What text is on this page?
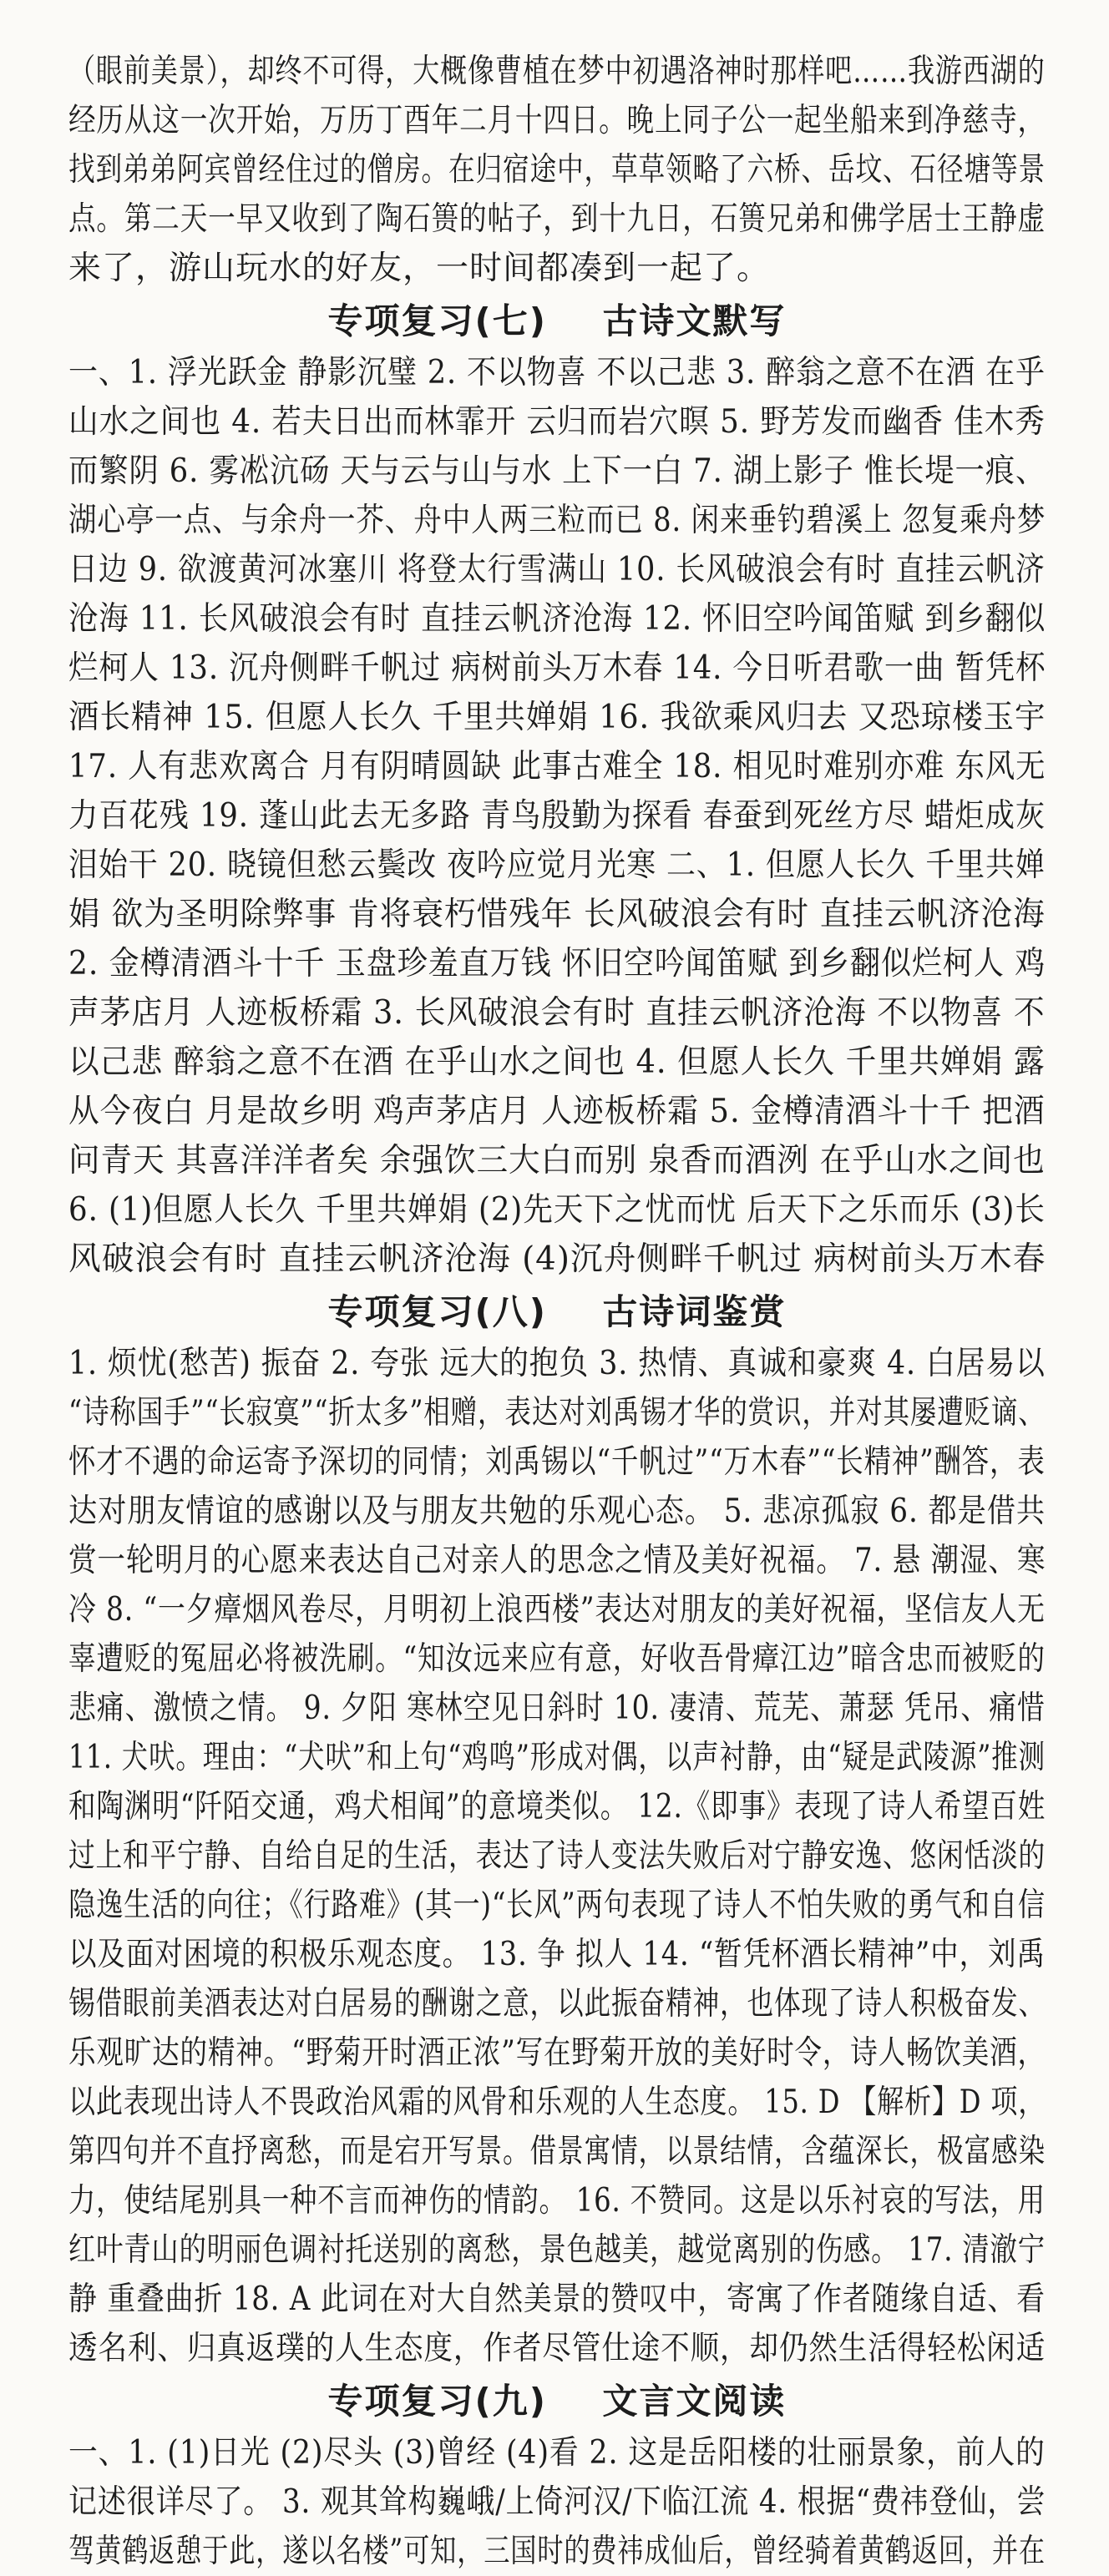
（眼前美景），却终不可得，大概像曹植在梦中初遇洛神时那样吧……我游西湖的
经历从这一次开始，万历丁酉年二月十四日。晚上同子公一起坐船来到净慈寺，
找到弟弟阿宾曾经住过的僧房。在归宿途中，草草领略了六桥、岳坟、石径塘等景
点。第二天一早又收到了陶石篑的帖子，到十九日，石篑兄弟和佛学居士王静虚
来了，游山玩水的好友，一时间都凑到一起了。
专项复习(七)    古诗文默写
一、1. 浮光跃金 静影沉璧 2. 不以物喜 不以己悲 3. 醉翁之意不在酒 在乎
山水之间也 4. 若夫日出而林霏开 云归而岩穴暝 5. 野芳发而幽香 佳木秀
而繁阴 6. 雾凇沆砀 天与云与山与水 上下一白 7. 湖上影子 惟长堤一痕、
湖心亭一点、与余舟一芥、舟中人两三粒而已 8. 闲来垂钓碧溪上 忽复乘舟梦
日边 9. 欲渡黄河冰塞川 将登太行雪满山 10. 长风破浪会有时 直挂云帆济
沧海 11. 长风破浪会有时 直挂云帆济沧海 12. 怀旧空吟闻笛赋 到乡翻似
烂柯人 13. 沉舟侧畔千帆过 病树前头万木春 14. 今日听君歌一曲 暂凭杯
酒长精神 15. 但愿人长久 千里共婵娟 16. 我欲乘风归去 又恐琼楼玉宇
17. 人有悲欢离合 月有阴晴圆缺 此事古难全 18. 相见时难别亦难 东风无
力百花残 19. 蓬山此去无多路 青鸟殷勤为探看 春蚕到死丝方尽 蜡炬成灰
泪始干 20. 晓镜但愁云鬓改 夜吟应觉月光寒 二、1. 但愿人长久 千里共婵
娟 欲为圣明除弊事 肯将衰朽惜残年 长风破浪会有时 直挂云帆济沧海
2. 金樽清酒斗十千 玉盘珍羞直万钱 怀旧空吟闻笛赋 到乡翻似烂柯人 鸡
声茅店月 人迹板桥霜 3. 长风破浪会有时 直挂云帆济沧海 不以物喜 不
以己悲 醉翁之意不在酒 在乎山水之间也 4. 但愿人长久 千里共婵娟 露
从今夜白 月是故乡明 鸡声茅店月 人迹板桥霜 5. 金樽清酒斗十千 把酒
问青天 其喜洋洋者矣 余强饮三大白而别 泉香而酒洌 在乎山水之间也
6. (1)但愿人长久 千里共婵娟 (2)先天下之忧而忧 后天下之乐而乐 (3)长
风破浪会有时 直挂云帆济沧海 (4)沉舟侧畔千帆过 病树前头万木春
专项复习(八)    古诗词鉴赏
1. 烦忧(愁苦) 振奋 2. 夸张 远大的抱负 3. 热情、真诚和豪爽 4. 白居易以
“诗称国手”“长寂寞”“折太多”相赠，表达对刘禹锡才华的赏识，并对其屡遭贬谪、
怀才不遇的命运寄予深切的同情；刘禹锡以“千帆过”“万木春”“长精神”酬答，表
达对朋友情谊的感谢以及与朋友共勉的乐观心态。 5. 悲凉孤寂 6. 都是借共
赏一轮明月的心愿来表达自己对亲人的思念之情及美好祝福。 7. 悬 潮湿、寒
冷 8. “一夕瘴烟风卷尽，月明初上浪西楼”表达对朋友的美好祝福，坚信友人无
辜遭贬的冤屈必将被洗刷。“知汝远来应有意，好收吾骨瘴江边”暗含忠而被贬的
悲痛、激愤之情。 9. 夕阳 寒林空见日斜时 10. 凄清、荒芜、萧瑟 凭吊、痛惜
11. 犬吠。理由：“犬吠”和上句“鸡鸣”形成对偶，以声衬静，由“疑是武陵源”推测
和陶渊明“阡陌交通，鸡犬相闻”的意境类似。 12.《即事》表现了诗人希望百姓
过上和平宁静、自给自足的生活，表达了诗人变法失败后对宁静安逸、悠闲恬淡的
隐逸生活的向往；《行路难》(其一)“长风”两句表现了诗人不怕失败的勇气和自信
以及面对困境的积极乐观态度。 13. 争 拟人 14. “暂凭杯酒长精神”中，刘禹
锡借眼前美酒表达对白居易的酬谢之意，以此振奋精神，也体现了诗人积极奋发、
乐观旷达的精神。“野菊开时酒正浓”写在野菊开放的美好时令，诗人畅饮美酒，
以此表现出诗人不畏政治风霜的风骨和乐观的人生态度。 15. D 【解析】D 项，
第四句并不直抒离愁，而是宕开写景。借景寓情，以景结情，含蕴深长，极富感染
力，使结尾别具一种不言而神伤的情韵。 16. 不赞同。这是以乐衬哀的写法，用
红叶青山的明丽色调衬托送别的离愁，景色越美，越觉离别的伤感。 17. 清澈宁
静 重叠曲折 18. A 此词在对大自然美景的赞叹中，寄寓了作者随缘自适、看
透名利、归真返璞的人生态度，作者尽管仕途不顺，却仍然生活得轻松闲适
专项复习(九)    文言文阅读
一、1. (1)日光 (2)尽头 (3)曾经 (4)看 2. 这是岳阳楼的壮丽景象，前人的
记述很详尽了。 3. 观其耸构巍峨/上倚河汉/下临江流 4. 根据“费祎登仙，尝
驾黄鹤返憩于此，遂以名楼”可知，三国时的费祎成仙后，曾经骑着黄鹤返回，并在
